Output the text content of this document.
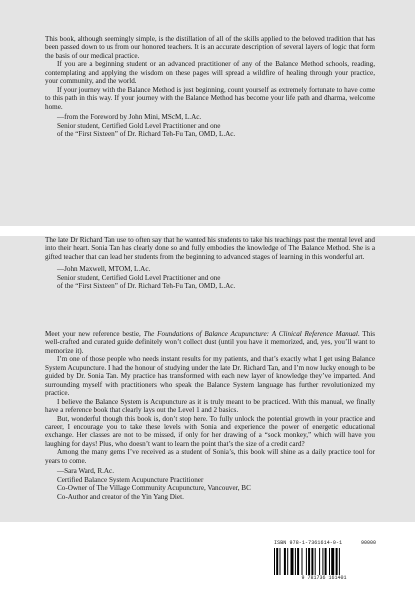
This book, although seemingly simple, is the distillation of all of the skills applied to the beloved tradition that has been passed down to us from our honored teachers. It is an accurate description of several layers of logic that form the basis of our medical practice.

If you are a beginning student or an advanced practitioner of any of the Balance Method schools, reading, contemplating and applying the wisdom on these pages will spread a wildfire of healing through your practice, your community, and the world.

If your journey with the Balance Method is just beginning, count yourself as extremely fortunate to have come to this path in this way. If your journey with the Balance Method has become your life path and dharma, welcome home.

—from the Foreword by John Mini, MScM, L.Ac.

Senior student, Certified Gold Level Practitioner and one

of the “First Sixteen” of Dr. Richard Teh-Fu Tan, OMD, L.Ac.

The late Dr Richard Tan use to often say that he wanted his students to take his teachings past the mental level and into their heart. Sonia Tan has clearly done so and fully embodies the knowledge of The Balance Method. She is a gifted teacher that can lead her students from the beginning to advanced stages of learning in this wonderful art.

—John Maxwell, MTOM, L.Ac.

Senior student, Certified Gold Level Practitioner and one

of the “First Sixteen” of Dr. Richard Teh-Fu Tan, OMD, L.Ac.

Meet your new reference bestie, The Foundations of Balance Acupuncture: A Clinical Reference Manual. This well-crafted and curated guide definitely won’t collect dust (until you have it memorized, and, yes, you’ll want to memorize it).

I’m one of those people who needs instant results for my patients, and that’s exactly what I get using Balance System Acupuncture. I had the honour of studying under the late Dr. Richard Tan, and I’m now lucky enough to be guided by Dr. Sonia Tan. My practice has transformed with each new layer of knowledge they’ve imparted. And surrounding myself with practitioners who speak the Balance System language has further revolutionized my practice.

I believe the Balance System is Acupuncture as it is truly meant to be practiced. With this manual, we finally have a reference book that clearly lays out the Level 1 and 2 basics.

But, wonderful though this book is, don’t stop here. To fully unlock the potential growth in your practice and career, I encourage you to take these levels with Sonia and experience the power of energetic educational exchange. Her classes are not to be missed, if only for her drawing of a “sock monkey,” which will have you laughing for days! Plus, who doesn’t want to learn the point that’s the size of a credit card?

Among the many gems I’ve received as a student of Sonia’s, this book will shine as a daily practice tool for years to come.

—Sara Ward, R.Ac.

Certified Balance System Acupuncture Practitioner

Co-Owner of The Village Community Acupuncture, Vancouver, BC

Co-Author and creator of the Yin Yang Diet.

ISBN 978-1-7361614-0-1
9 781736 161401
90000
